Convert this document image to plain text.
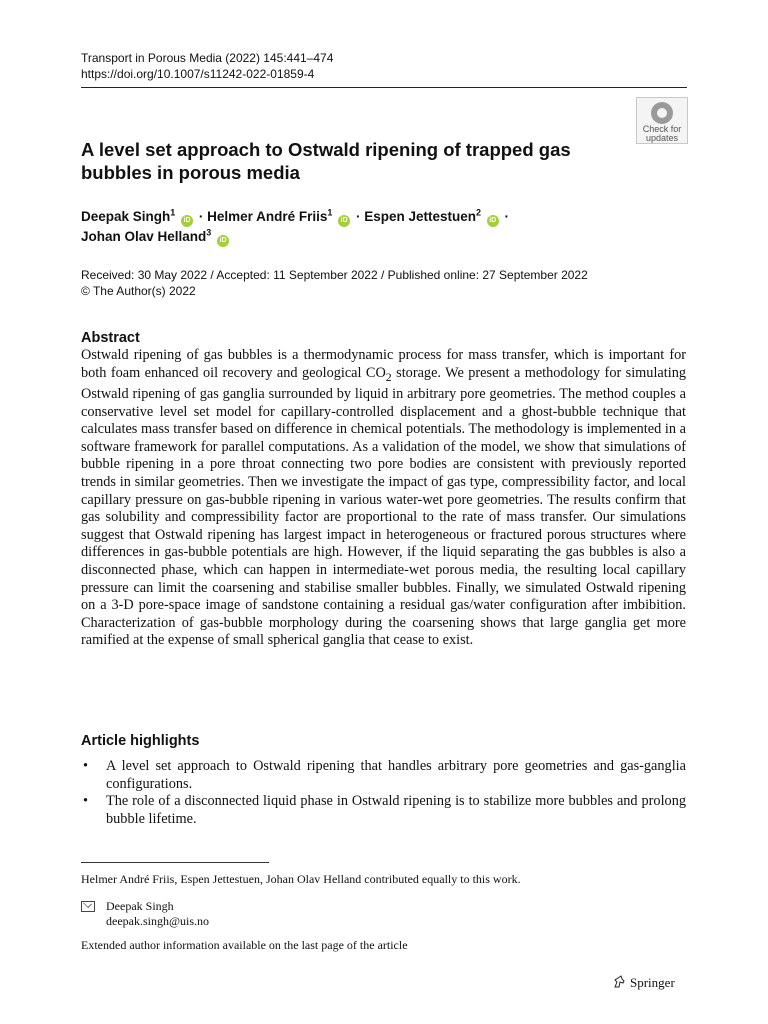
Transport in Porous Media (2022) 145:441–474
https://doi.org/10.1007/s11242-022-01859-4
Check for
updates
A level set approach to Ostwald ripening of trapped gas bubbles in porous media
Deepak Singh$^1$ iD · Helmer André Friis$^1$ iD · Espen Jettestuen$^2$ iD ·
Johan Olav Helland$^3$ iD
Received: 30 May 2022 / Accepted: 11 September 2022 / Published online: 27 September 2022
© The Author(s) 2022
Abstract
Ostwald ripening of gas bubbles is a thermodynamic process for mass transfer, which is important for both foam enhanced oil recovery and geological $CO_2$ storage. We present a methodology for simulating Ostwald ripening of gas ganglia surrounded by liquid in arbitrary pore geometries. The method couples a conservative level set model for capillary-controlled displacement and a ghost-bubble technique that calculates mass transfer based on difference in chemical potentials. The methodology is implemented in a software framework for parallel computations. As a validation of the model, we show that simulations of bubble ripening in a pore throat connecting two pore bodies are consistent with previously reported trends in similar geometries. Then we investigate the impact of gas type, compressibility factor, and local capillary pressure on gas-bubble ripening in various water-wet pore geometries. The results confirm that gas solubility and compressibility factor are proportional to the rate of mass transfer. Our simulations suggest that Ostwald ripening has largest impact in heterogeneous or fractured porous structures where differences in gas-bubble potentials are high. However, if the liquid separating the gas bubbles is also a disconnected phase, which can happen in intermediate-wet porous media, the resulting local capillary pressure can limit the coarsening and stabilise smaller bubbles. Finally, we simulated Ostwald ripening on a 3-D pore-space image of sandstone containing a residual gas/water configuration after imbibition. Characterization of gas-bubble morphology during the coarsening shows that large ganglia get more ramified at the expense of small spherical ganglia that cease to exist.
Article highlights
• A level set approach to Ostwald ripening that handles arbitrary pore geometries and gas-ganglia configurations.
• The role of a disconnected liquid phase in Ostwald ripening is to stabilize more bubbles and prolong bubble lifetime.
Helmer André Friis, Espen Jettestuen, Johan Olav Helland contributed equally to this work.
Deepak Singh
deepak.singh@uis.no
Extended author information available on the last page of the article
Springer
